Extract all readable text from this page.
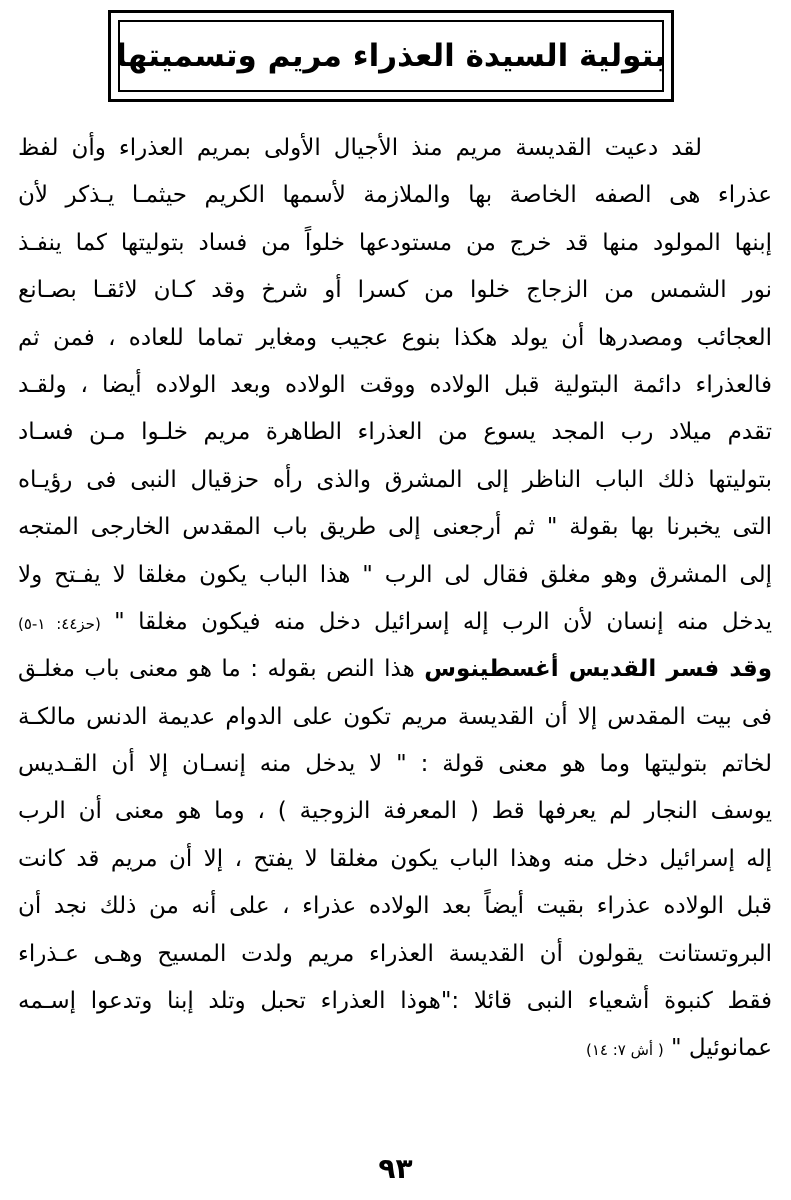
بتولية السيدة العذراء مريم وتسميتها
لقد دعيت القديسة مريم منذ الأجيال الأولى بمريم العذراء وأن لفظ
عذراء هى الصفه الخاصة بها والملازمة لأسمها الكريم حيثمـا يـذكر لأن
إبنها المولود منها قد خرج من مستودعها خلواً من فساد بتوليتها كما ينفـذ
نور الشمس من الزجاج خلوا من كسرا أو شرخ وقد كـان لائقـا بصـانع
العجائب ومصدرها أن يولد هكذا بنوع عجيب ومغاير تماما للعاده ، فمن ثم
فالعذراء دائمة البتولية قبل الولاده ووقت الولاده وبعد الولاده أيضا ، ولقـد
تقدم ميلاد رب المجد يسوع من العذراء الطاهرة مريم خلـوا مـن فسـاد
بتوليتها ذلك الباب الناظر إلى المشرق والذى رأه حزقيال النبى فى رؤيـاه
التى يخبرنا بها بقولة " ثم أرجعنى إلى طريق باب المقدس الخارجى المتجه
إلى المشرق وهو مغلق فقال لى الرب " هذا الباب يكون مغلقا لا يفـتح ولا
يدخل منه إنسان لأن الرب إله إسرائيل دخل منه فيكون مغلقا " (حز٤٤: ١-٥)
وقد فسر القديس أغسطينوس هذا النص بقوله : ما هو معنى باب مغلـق
فى بيت المقدس إلا أن القديسة مريم تكون على الدوام عديمة الدنس مالكـة
لخاتم بتوليتها وما هو معنى قولة : " لا يدخل منه إنسـان إلا أن القـديس
يوسف النجار لم يعرفها قط ( المعرفة الزوجية ) ، وما هو معنى أن الرب
إله إسرائيل دخل منه وهذا الباب يكون مغلقا لا يفتح ، إلا أن مريم قد كانت
قبل الولاده عذراء بقيت أيضاً بعد الولاده عذراء ، على أنه من ذلك نجد أن
البروتستانت يقولون أن القديسة العذراء مريم ولدت المسيح وهـى عـذراء
فقط كنبوة أشعياء النبى قائلا :"هوذا العذراء تحبل وتلد إبنا وتدعوا إسـمه
عمانوئيل " ( أش ٧: ١٤)
٩٣
